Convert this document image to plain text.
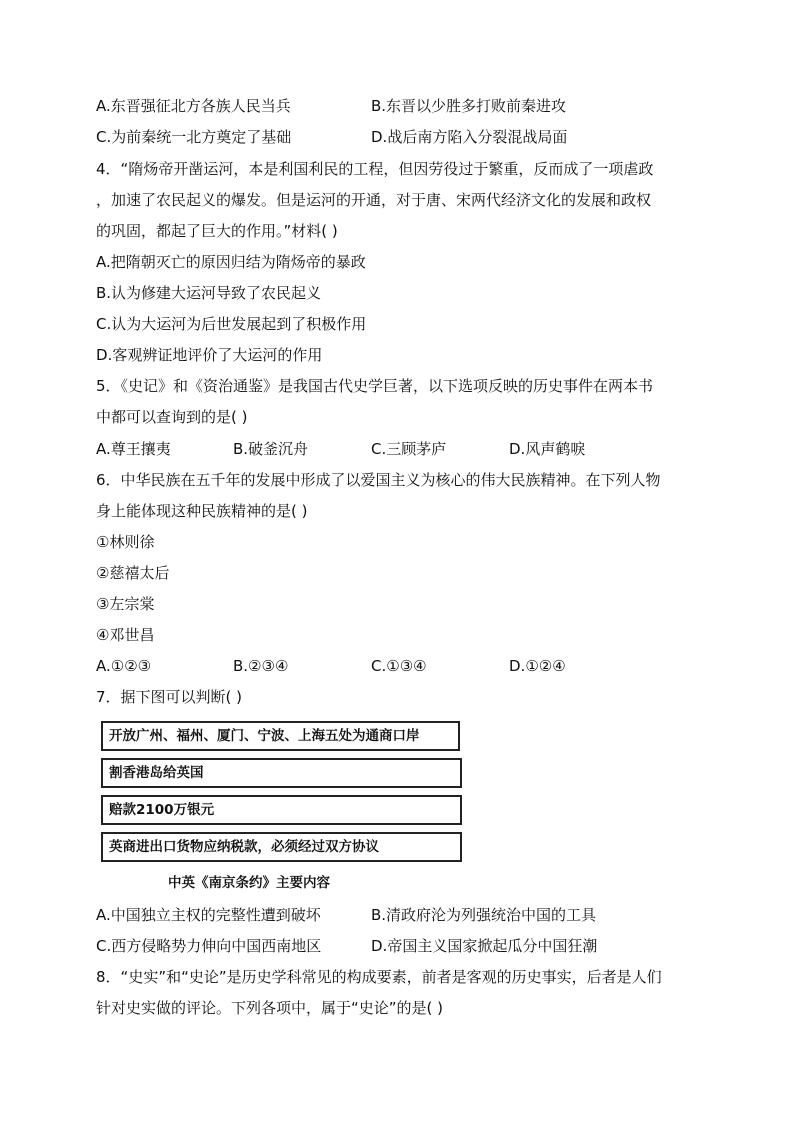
A.东晋强征北方各族人民当兵	B.东晋以少胜多打败前秦进攻
C.为前秦统一北方奠定了基础	D.战后南方陷入分裂混战局面
4．“隋炀帝开凿运河，本是利国利民的工程，但因劳役过于繁重，反而成了一项虐政
，加速了农民起义的爆发。但是运河的开通，对于唐、宋两代经济文化的发展和政权
的巩固，都起了巨大的作用。”材料( )
A.把隋朝灭亡的原因归结为隋炀帝的暴政
B.认为修建大运河导致了农民起义
C.认为大运河为后世发展起到了积极作用
D.客观辨证地评价了大运河的作用
5．《史记》和《资治通鉴》是我国古代史学巨著，以下选项反映的历史事件在两本书
中都可以查询到的是( )
A.尊王攘夷	B.破釜沉舟	C.三顾茅庐	D.风声鹤唳
6．中华民族在五千年的发展中形成了以爱国主义为核心的伟大民族精神。在下列人物
身上能体现这种民族精神的是( )
①林则徐
②慈禧太后
③左宗棠
④邓世昌
A.①②③	B.②③④	C.①③④	D.①②④
7．据下图可以判断( )
开放广州、福州、厦门、宁波、上海五处为通商口岸
割香港岛给英国
赔款2100万银元
英商进出口货物应纳税款，必须经过双方协议
中英《南京条约》主要内容
A.中国独立主权的完整性遭到破坏	B.清政府沦为列强统治中国的工具
C.西方侵略势力伸向中国西南地区	D.帝国主义国家掀起瓜分中国狂潮
8．“史实”和“史论”是历史学科常见的构成要素，前者是客观的历史事实，后者是人们
针对史实做的评论。下列各项中，属于“史论”的是( )
